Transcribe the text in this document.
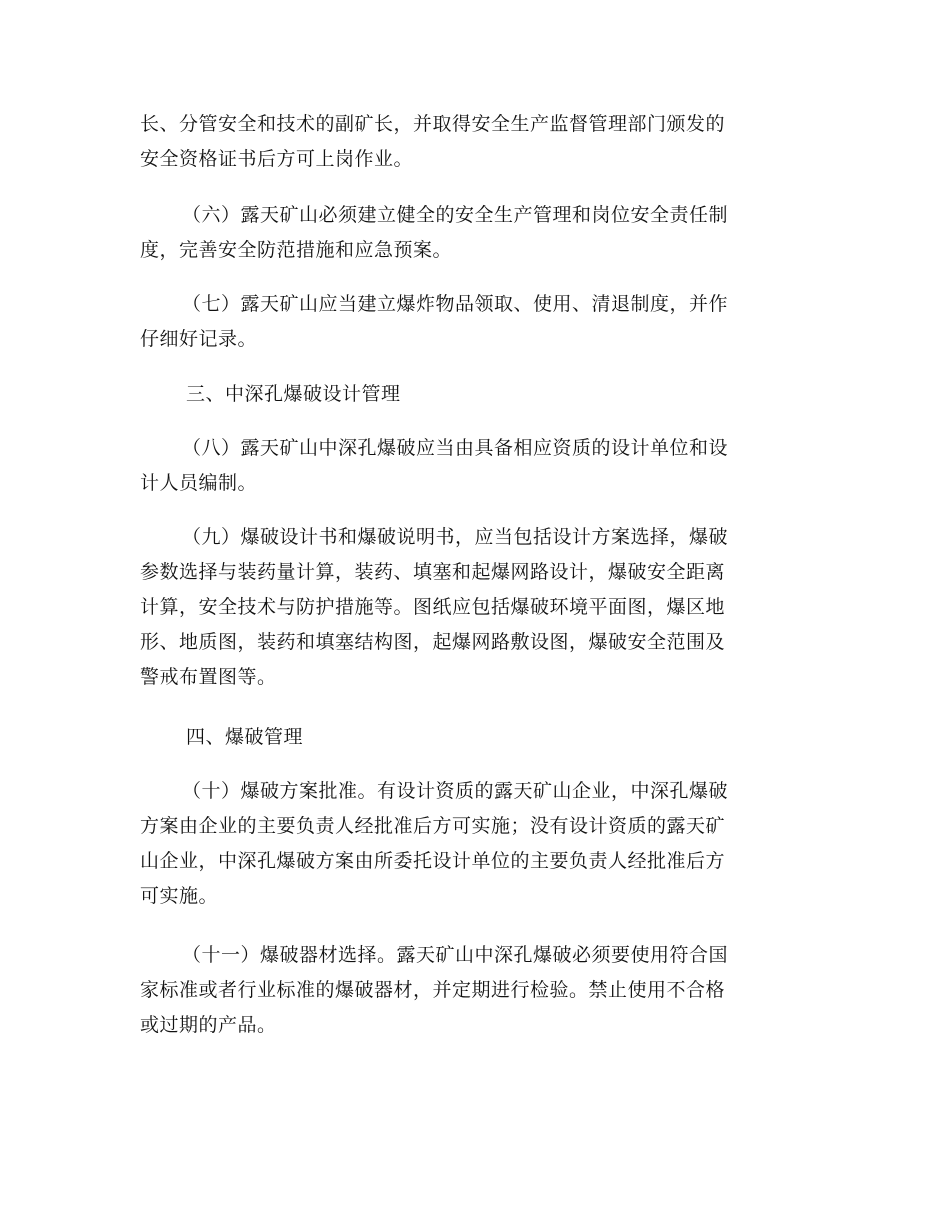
长、分管安全和技术的副矿长，并取得安全生产监督管理部门颁发的
安全资格证书后方可上岗作业。
（六）露天矿山必须建立健全的安全生产管理和岗位安全责任制
度，完善安全防范措施和应急预案。
（七）露天矿山应当建立爆炸物品领取、使用、清退制度，并作
仔细好记录。
三、中深孔爆破设计管理
（八）露天矿山中深孔爆破应当由具备相应资质的设计单位和设
计人员编制。
（九）爆破设计书和爆破说明书，应当包括设计方案选择，爆破
参数选择与装药量计算，装药、填塞和起爆网路设计，爆破安全距离
计算，安全技术与防护措施等。图纸应包括爆破环境平面图，爆区地
形、地质图，装药和填塞结构图，起爆网路敷设图，爆破安全范围及
警戒布置图等。
四、爆破管理
（十）爆破方案批准。有设计资质的露天矿山企业，中深孔爆破
方案由企业的主要负责人经批准后方可实施；没有设计资质的露天矿
山企业，中深孔爆破方案由所委托设计单位的主要负责人经批准后方
可实施。
（十一）爆破器材选择。露天矿山中深孔爆破必须要使用符合国
家标准或者行业标准的爆破器材，并定期进行检验。禁止使用不合格
或过期的产品。
